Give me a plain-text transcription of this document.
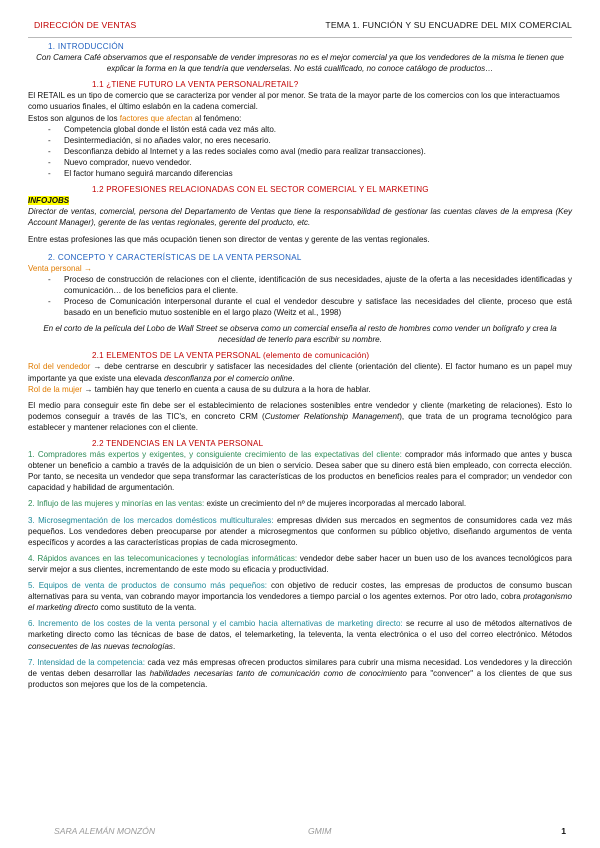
DIRECCIÓN DE VENTAS	TEMA 1. FUNCIÓN Y SU ENCUADRE DEL MIX COMERCIAL

1. INTRODUCCIÓN

Con Camera Café observamos que el responsable de vender impresoras no es el mejor comercial ya que los vendedores de la misma le tienen que explicar la forma en la que tendría que venderselas. No está cualificado, no conoce catálogo de productos…

1.1 ¿TIENE FUTURO LA VENTA PERSONAL/RETAIL?

El RETAIL es un tipo de comercio que se caracteriza por vender al por menor. Se trata de la mayor parte de los comercios con los que interactuamos como usuarios finales, el último eslabón en la cadena comercial.

Estos son algunos de los factores que afectan al fenómeno:

- Competencia global donde el listón está cada vez más alto.
- Desintermediación, si no añades valor, no eres necesario.
- Desconfianza debido al Internet y a las redes sociales como aval (medio para realizar transacciones).
- Nuevo comprador, nuevo vendedor.
- El factor humano seguirá marcando diferencias

1.2 PROFESIONES RELACIONADAS CON EL SECTOR COMERCIAL Y EL MARKETING

INFOJOBS

Director de ventas, comercial, persona del Departamento de Ventas que tiene la responsabilidad de gestionar las cuentas claves de la empresa (Key Account Manager), gerente de las ventas regionales, gerente del producto, etc.

Entre estas profesiones las que más ocupación tienen son director de ventas y gerente de las ventas regionales.

2. CONCEPTO Y CARACTERÍSTICAS DE LA VENTA PERSONAL

Venta personal →

- Proceso de construcción de relaciones con el cliente, identificación de sus necesidades, ajuste de la oferta a las necesidades identificadas y comunicación… de los beneficios para el cliente.
- Proceso de Comunicación interpersonal durante el cual el vendedor descubre y satisface las necesidades del cliente, proceso que está basado en un beneficio mutuo sostenible en el largo plazo (Weitz et al., 1998)

En el corto de la película del Lobo de Wall Street se observa como un comercial enseña al resto de hombres como vender un bolígrafo y crea la necesidad de tenerlo para escribir su nombre.

2.1 ELEMENTOS DE LA VENTA PERSONAL (elemento de comunicación)

Rol del vendedor → debe centrarse en descubrir y satisfacer las necesidades del cliente (orientación del cliente). El factor humano es un papel muy importante ya que existe una elevada desconfianza por el comercio online.

Rol de la mujer → también hay que tenerlo en cuenta a causa de su dulzura a la hora de hablar.

El medio para conseguir este fin debe ser el establecimiento de relaciones sostenibles entre vendedor y cliente (marketing de relaciones). Esto lo podemos conseguir a través de las TIC's, en concreto CRM (Customer Relationship Management), que trata de un programa tecnológico para establecer y mantener relaciones con el cliente.

2.2 TENDENCIAS EN LA VENTA PERSONAL

1. Compradores más expertos y exigentes, y consiguiente crecimiento de las expectativas del cliente: comprador más informado que antes y busca obtener un beneficio a cambio a través de la adquisición de un bien o servicio. Desea saber que su dinero está bien empleado, con correcta elección. Por tanto, se necesita un vendedor que sepa transformar las características de los productos en beneficios reales para el comprador; un vendedor con capacidad y habilidad de argumentación.

2. Influjo de las mujeres y minorías en las ventas: existe un crecimiento del nº de mujeres incorporadas al mercado laboral.

3. Microsegmentación de los mercados domésticos multiculturales: empresas dividen sus mercados en segmentos de consumidores cada vez más pequeños. Los vendedores deben preocuparse por atender a microsegmentos que conformen su público objetivo, diseñando argumentos de venta específicos y acordes a las características propias de cada microsegmento.

4. Rápidos avances en las telecomunicaciones y tecnologías informáticas: vendedor debe saber hacer un buen uso de los avances tecnológicos para servir mejor a sus clientes, incrementando de este modo su eficacia y productividad.

5. Equipos de venta de productos de consumo más pequeños: con objetivo de reducir costes, las empresas de productos de consumo buscan alternativas para su venta, van cobrando mayor importancia los vendedores a tiempo parcial o los agentes externos. Por otro lado, cobra protagonismo el marketing directo como sustituto de la venta.

6. Incremento de los costes de la venta personal y el cambio hacia alternativas de marketing directo: se recurre al uso de métodos alternativos de marketing directo como las técnicas de base de datos, el telemarketing, la televenta, la venta electrónica o el uso del correo electrónico. Métodos consecuentes de las nuevas tecnologías.

7. Intensidad de la competencia: cada vez más empresas ofrecen productos similares para cubrir una misma necesidad. Los vendedores y la dirección de ventas deben desarrollar las habilidades necesarias tanto de comunicación como de conocimiento para "convencer" a los clientes de que sus productos son mejores que los de la competencia.

SARA ALEMÁN MONZÓN	GMIM	1
